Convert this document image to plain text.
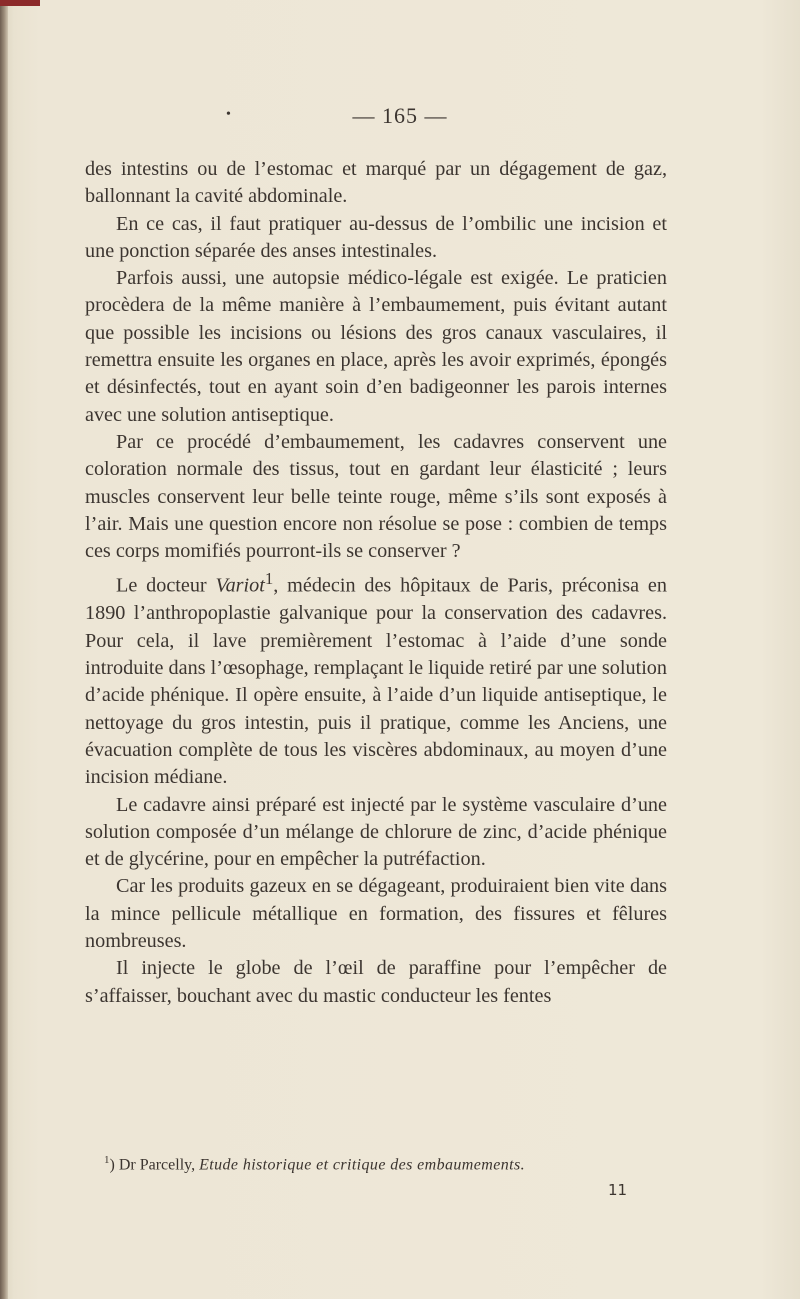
•	— 165 —

des intestins ou de l’estomac et marqué par un dégagement de gaz, ballonnant la cavité abdominale.

En ce cas, il faut pratiquer au-dessus de l’ombilic une incision et une ponction séparée des anses intestinales.

Parfois aussi, une autopsie médico-légale est exigée. Le praticien procèdera de la même manière à l’embaumement, puis évitant autant que possible les incisions ou lésions des gros canaux vasculaires, il remettra ensuite les organes en place, après les avoir exprimés, épongés et désinfectés, tout en ayant soin d’en badigeonner les parois internes avec une solution antiseptique.

Par ce procédé d’embaumement, les cadavres conservent une coloration normale des tissus, tout en gardant leur élasticité ; leurs muscles conservent leur belle teinte rouge, même s’ils sont exposés à l’air. Mais une question encore non résolue se pose : combien de temps ces corps momifiés pourront-ils se conserver ?

Le docteur Variot$^1$, médecin des hôpitaux de Paris, préconisa en 1890 l’anthropoplastie galvanique pour la conservation des cadavres. Pour cela, il lave premièrement l’estomac à l’aide d’une sonde introduite dans l’œsophage, remplaçant le liquide retiré par une solution d’acide phénique. Il opère ensuite, à l’aide d’un liquide antiseptique, le nettoyage du gros intestin, puis il pratique, comme les Anciens, une évacuation complète de tous les viscères abdominaux, au moyen d’une incision médiane.

Le cadavre ainsi préparé est injecté par le système vasculaire d’une solution composée d’un mélange de chlorure de zinc, d’acide phénique et de glycérine, pour en empêcher la putréfaction.

Car les produits gazeux en se dégageant, produiraient bien vite dans la mince pellicule métallique en formation, des fissures et fêlures nombreuses.

Il injecte le globe de l’œil de paraffine pour l’empêcher de s’affaisser, bouchant avec du mastic conducteur les fentes

$^1$) Dr Parcelly, Etude historique et critique des embaumements.
11
